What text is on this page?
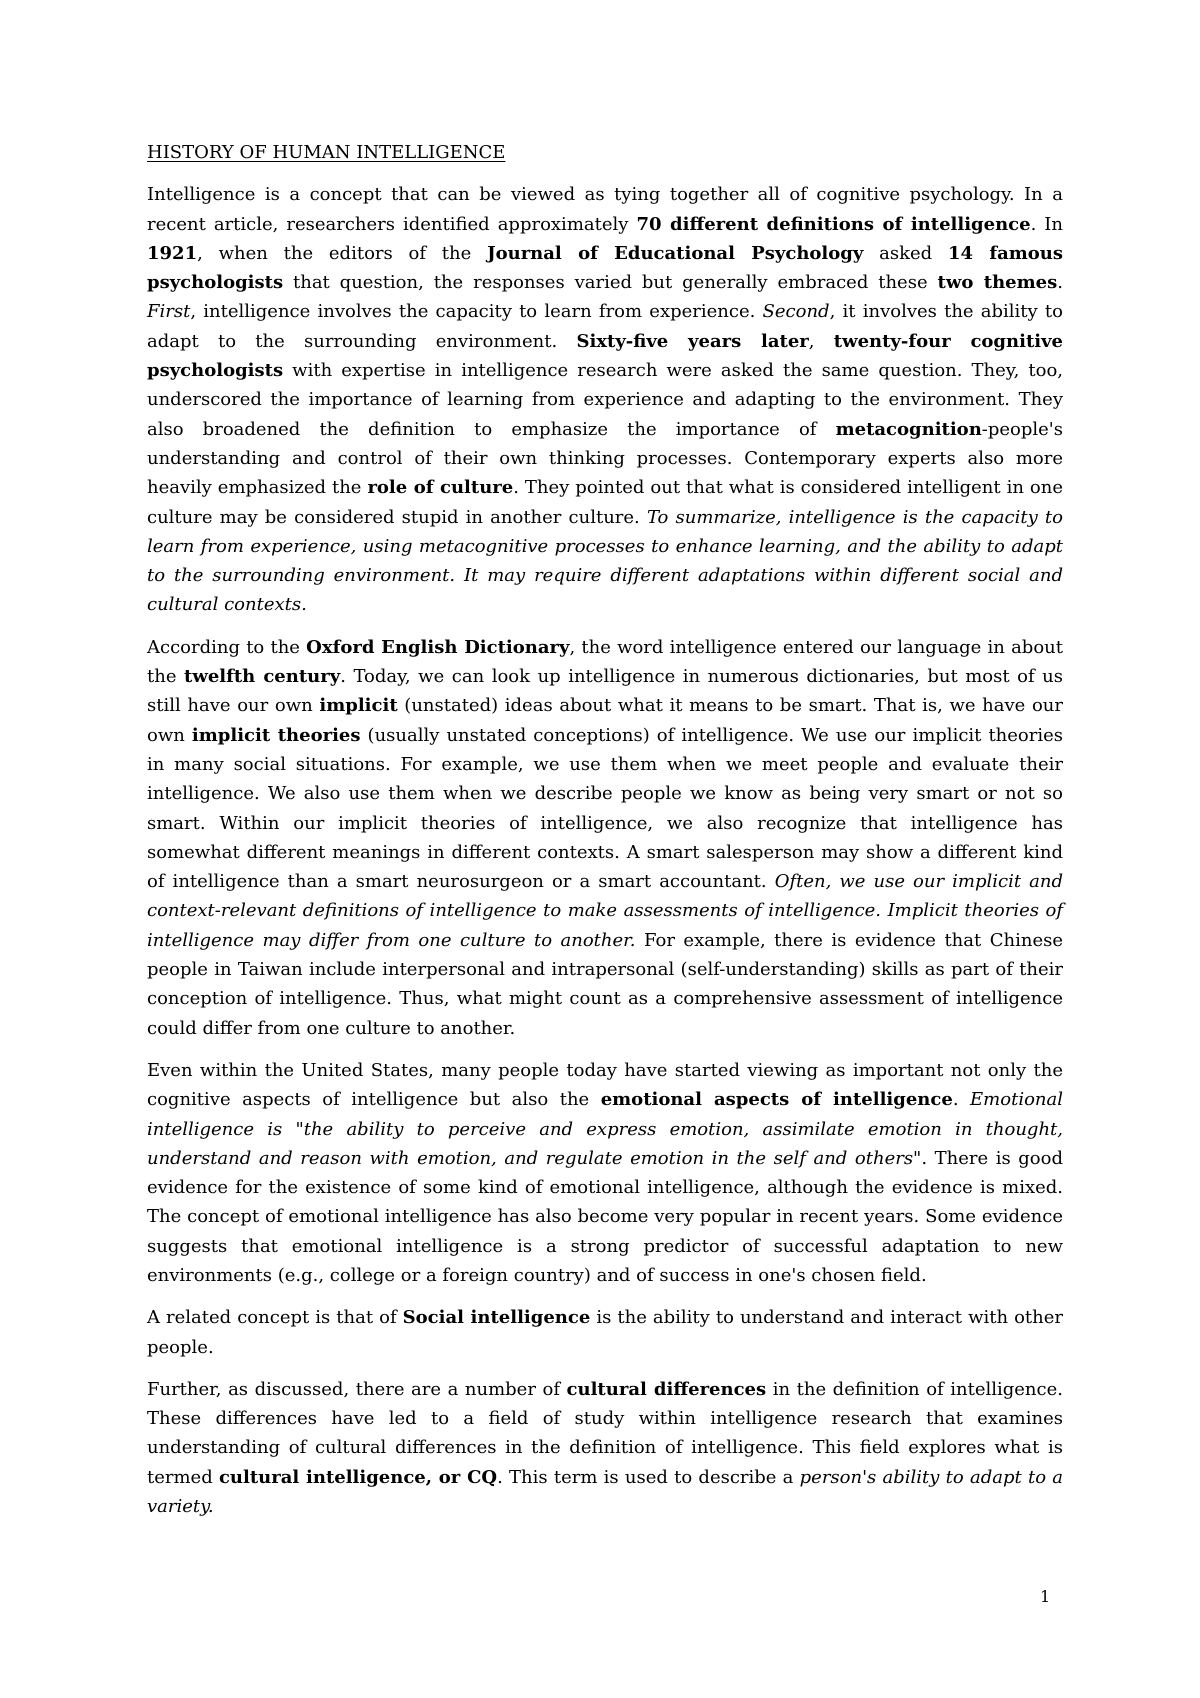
HISTORY OF HUMAN INTELLIGENCE

Intelligence is a concept that can be viewed as tying together all of cognitive psychology. In a recent article, researchers identified approximately 70 different definitions of intelligence. In 1921, when the editors of the Journal of Educational Psychology asked 14 famous psychologists that question, the responses varied but generally embraced these two themes. First, intelligence involves the capacity to learn from experience. Second, it involves the ability to adapt to the surrounding environment. Sixty-five years later, twenty-four cognitive psychologists with expertise in intelligence research were asked the same question. They, too, underscored the importance of learning from experience and adapting to the environment. They also broadened the definition to emphasize the importance of metacognition-people's understanding and control of their own thinking processes. Contemporary experts also more heavily emphasized the role of culture. They pointed out that what is considered intelligent in one culture may be considered stupid in another culture. To summarize, intelligence is the capacity to learn from experience, using metacognitive processes to enhance learning, and the ability to adapt to the surrounding environment. It may require different adaptations within different social and cultural contexts.

According to the Oxford English Dictionary, the word intelligence entered our language in about the twelfth century. Today, we can look up intelligence in numerous dictionaries, but most of us still have our own implicit (unstated) ideas about what it means to be smart. That is, we have our own implicit theories (usually unstated conceptions) of intelligence. We use our implicit theories in many social situations. For example, we use them when we meet people and evaluate their intelligence. We also use them when we describe people we know as being very smart or not so smart. Within our implicit theories of intelligence, we also recognize that intelligence has somewhat different meanings in different contexts. A smart salesperson may show a different kind of intelligence than a smart neurosurgeon or a smart accountant. Often, we use our implicit and context-relevant definitions of intelligence to make assessments of intelligence. Implicit theories of intelligence may differ from one culture to another. For example, there is evidence that Chinese people in Taiwan include interpersonal and intrapersonal (self-understanding) skills as part of their conception of intelligence. Thus, what might count as a comprehensive assessment of intelligence could differ from one culture to another.

Even within the United States, many people today have started viewing as important not only the cognitive aspects of intelligence but also the emotional aspects of intelligence. Emotional intelligence is "the ability to perceive and express emotion, assimilate emotion in thought, understand and reason with emotion, and regulate emotion in the self and others". There is good evidence for the existence of some kind of emotional intelligence, although the evidence is mixed. The concept of emotional intelligence has also become very popular in recent years. Some evidence suggests that emotional intelligence is a strong predictor of successful adaptation to new environments (e.g., college or a foreign country) and of success in one's chosen field.

A related concept is that of Social intelligence is the ability to understand and interact with other people.

Further, as discussed, there are a number of cultural differences in the definition of intelligence. These differences have led to a field of study within intelligence research that examines understanding of cultural differences in the definition of intelligence. This field explores what is termed cultural intelligence, or CQ. This term is used to describe a person's ability to adapt to a variety.

1
